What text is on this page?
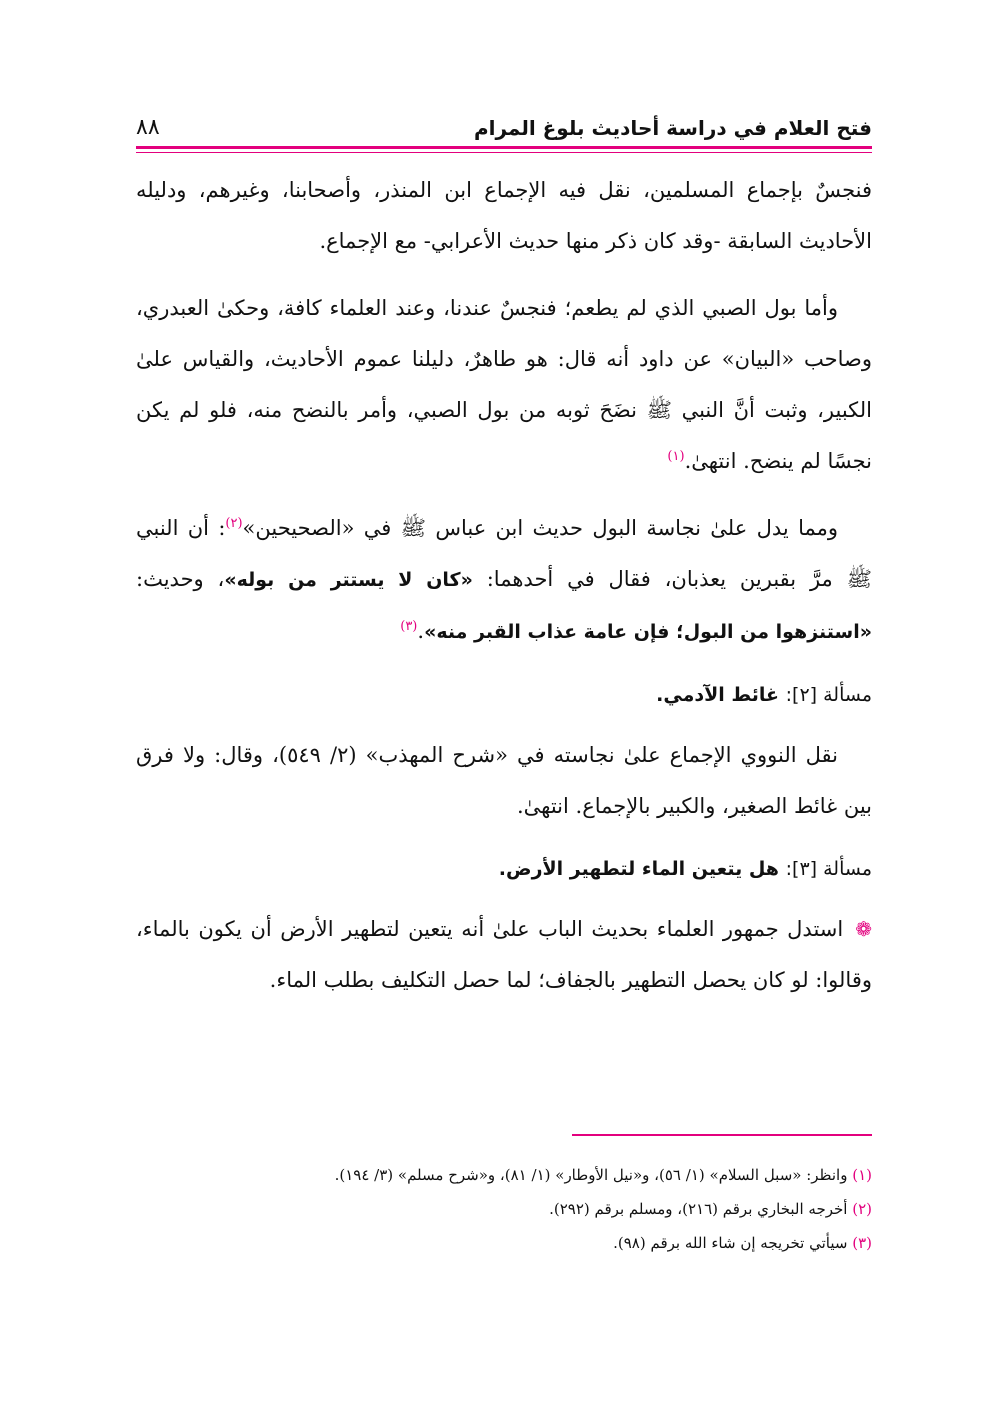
فتح العلام في دراسة أحاديث بلوغ المرام
٨٨

فنجسٌ بإجماع المسلمين، نقل فيه الإجماع ابن المنذر، وأصحابنا، وغيرهم، ودليله الأحاديث السابقة -وقد كان ذكر منها حديث الأعرابي- مع الإجماع.

وأما بول الصبي الذي لم يطعم؛ فنجسٌ عندنا، وعند العلماء كافة، وحكىٰ العبدري، وصاحب «البيان» عن داود أنه قال: هو طاهرٌ، دليلنا عموم الأحاديث، والقياس علىٰ الكبير، وثبت أنَّ النبي ﷺ نضَحَ ثوبه من بول الصبي، وأمر بالنضح منه، فلو لم يكن نجسًا لم ينضح. انتهىٰ.$^{(١)}$

ومما يدل علىٰ نجاسة البول حديث ابن عباس ﷺ في «الصحيحين»$^{(٢)}$: أن النبي ﷺ مرَّ بقبرين يعذبان، فقال في أحدهما: «كان لا يستتر من بوله»، وحديث: «استنزهوا من البول؛ فإن عامة عذاب القبر منه».$^{(٣)}$

مسألة [٢]: غائط الآدمي.

نقل النووي الإجماع علىٰ نجاسته في «شرح المهذب» (٢/ ٥٤٩)، وقال: ولا فرق بين غائط الصغير، والكبير بالإجماع. انتهىٰ.

مسألة [٣]: هل يتعين الماء لتطهير الأرض.

❁استدل جمهور العلماء بحديث الباب علىٰ أنه يتعين لتطهير الأرض أن يكون بالماء، وقالوا: لو كان يحصل التطهير بالجفاف؛ لما حصل التكليف بطلب الماء.

(١) وانظر: «سبل السلام» (١/ ٥٦)، و«نيل الأوطار» (١/ ٨١)، و«شرح مسلم» (٣/ ١٩٤).

(٢) أخرجه البخاري برقم (٢١٦)، ومسلم برقم (٢٩٢).

(٣) سيأتي تخريجه إن شاء الله برقم (٩٨).
